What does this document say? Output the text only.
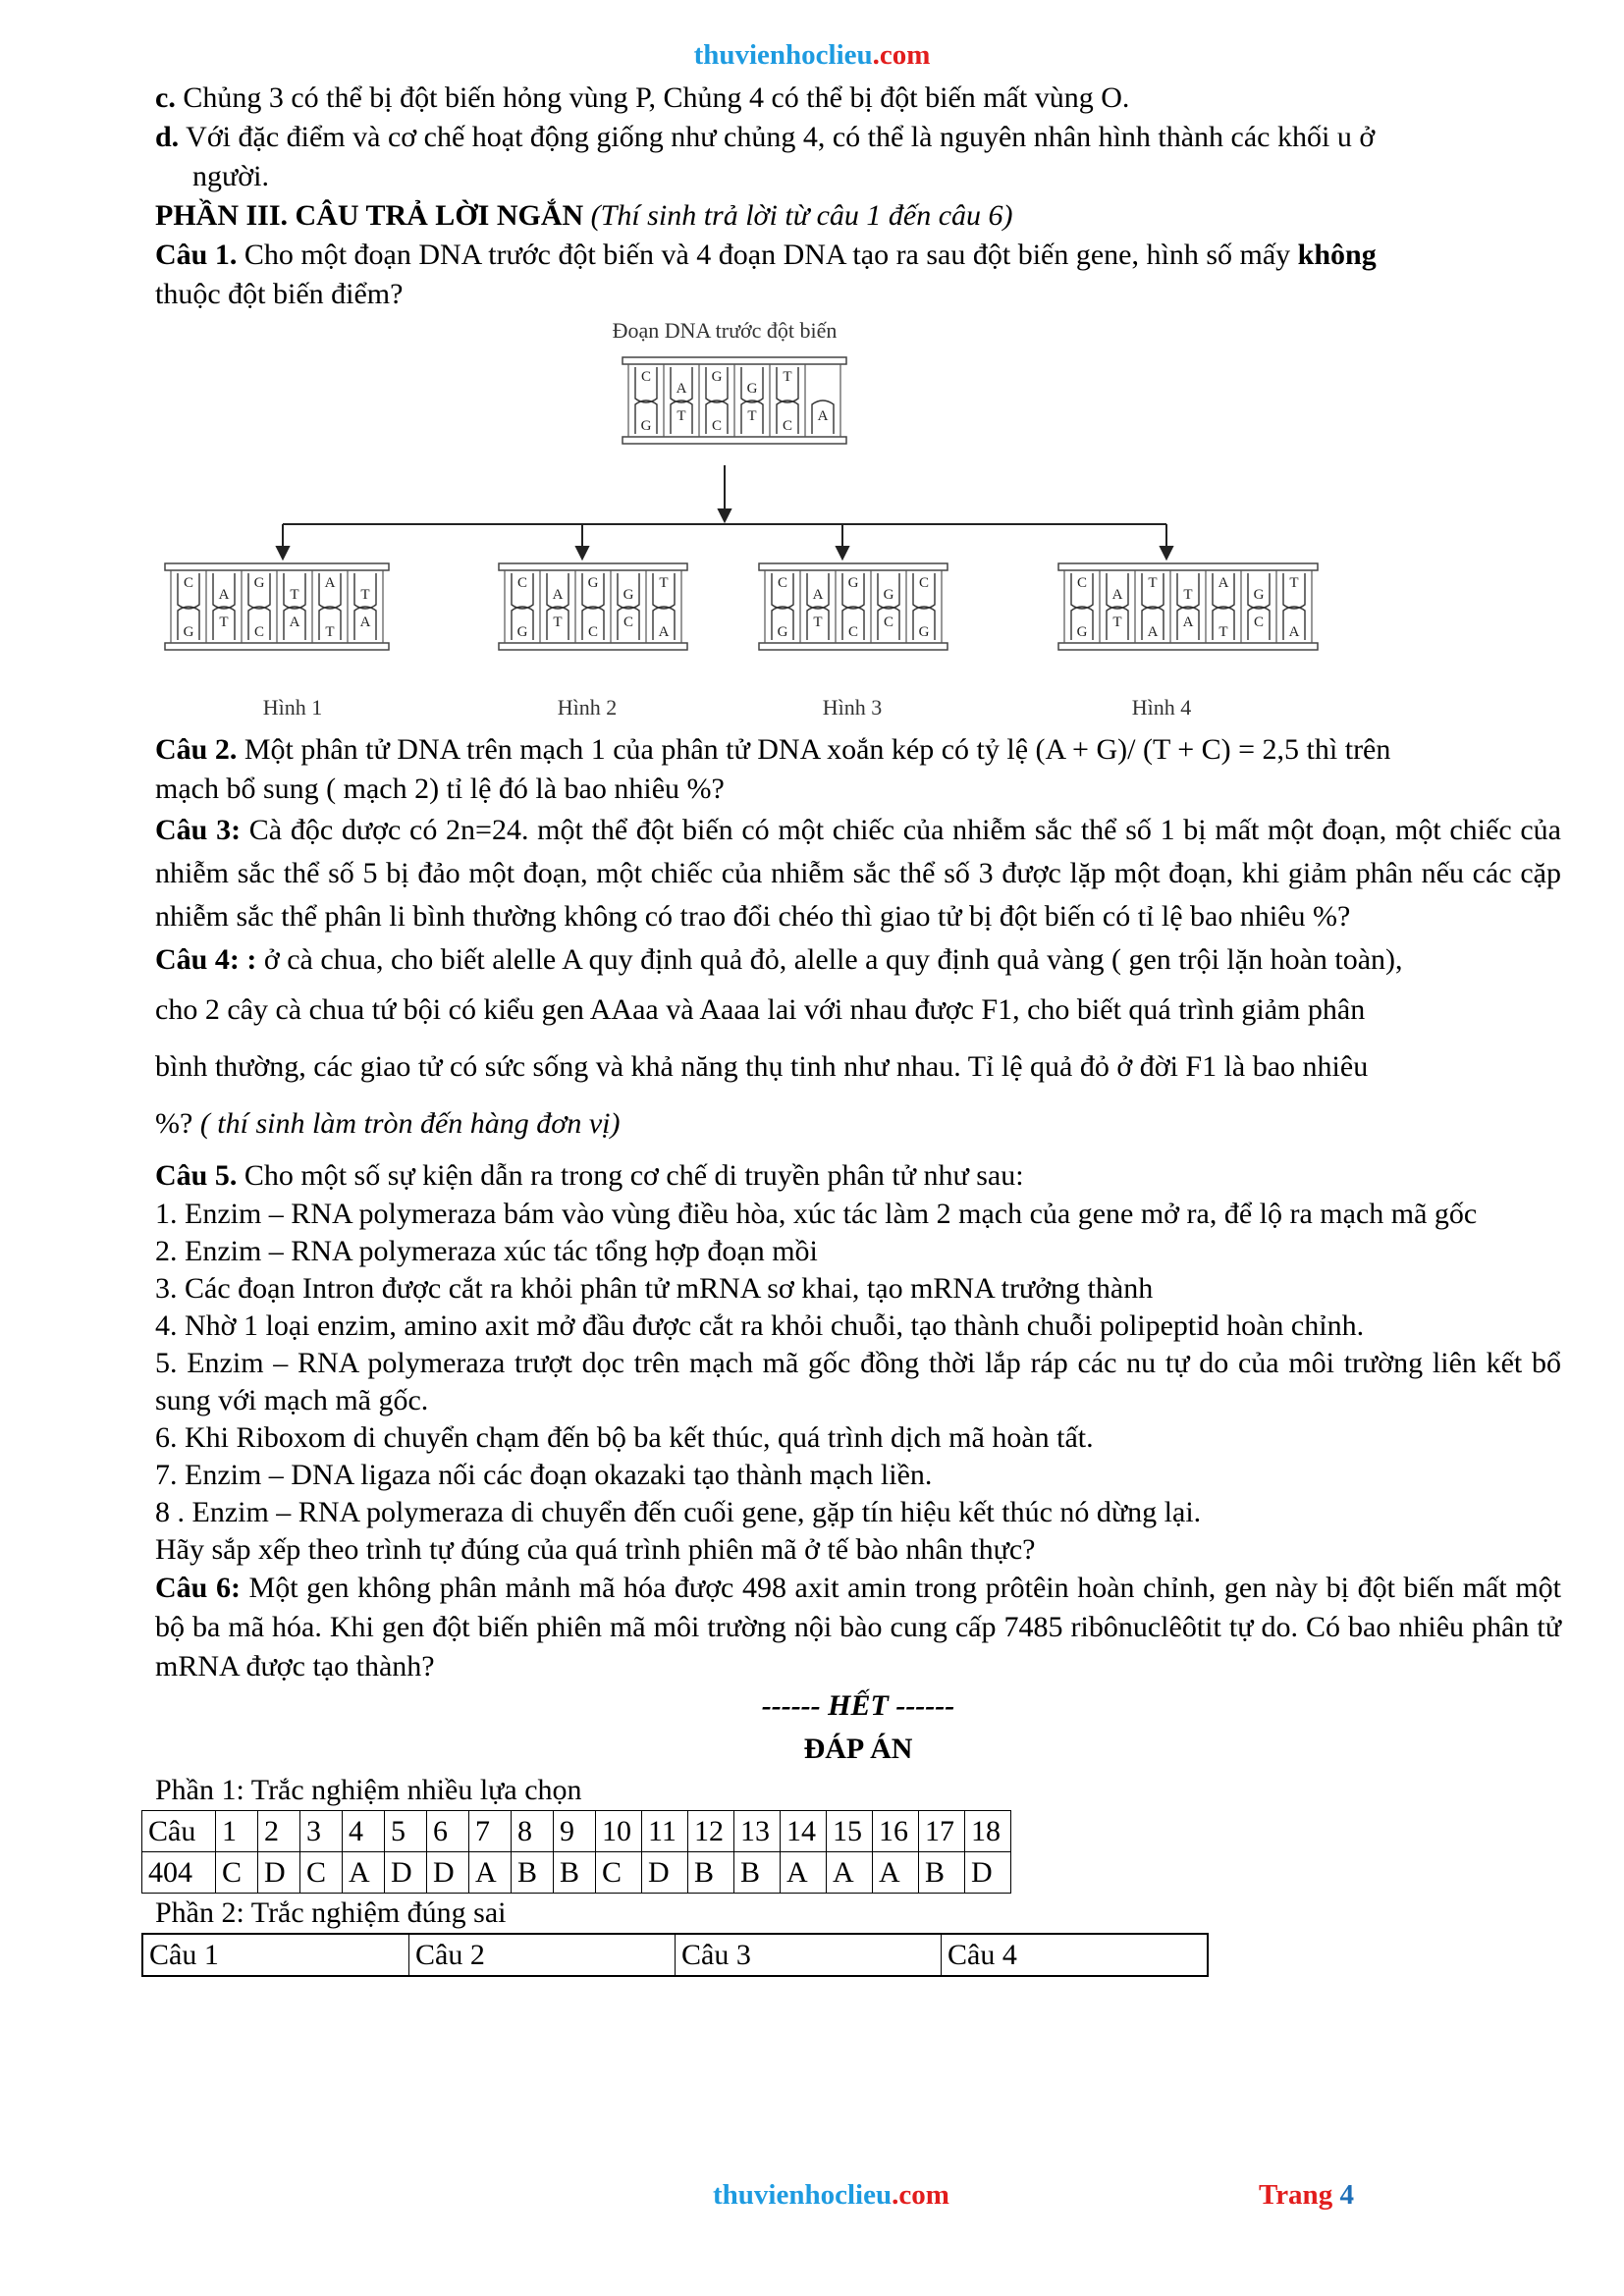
thuvienhoclieu.com

c. Chủng 3 có thể bị đột biến hỏng vùng P, Chủng 4 có thể bị đột biến mất vùng O.

d. Với đặc điểm và cơ chế hoạt động giống như chủng 4, có thể là nguyên nhân hình thành các khối u ở

người.

PHẦN III. CÂU TRẢ LỜI NGẮN (Thí sinh trả lời từ câu 1 đến câu 6)

Câu 1. Cho một đoạn DNA trước đột biến và 4 đoạn DNA tạo ra sau đột biến gene, hình số mấy không

thuộc đột biến điểm?

Đoạn DNA trước đột biến
C
A
G
G
T
G
T
C
T
C
A
C
A
G
T
A
T
G
T
C
A
T
A
C
A
G
G
T
G
T
C
C
A
C
A
G
G
C
G
T
C
C
G
C
A
T
T
A
G
T
G
T
A
A
T
C
A
Hình 1	Hình 2	Hình 3	Hình 4

Câu 2. Một phân tử DNA trên mạch 1 của phân tử DNA xoắn kép có tỷ lệ (A + G)/ (T + C) = 2,5 thì trên

mạch bổ sung ( mạch 2) tỉ lệ đó là bao nhiêu %?

Câu 3: Cà độc dược có 2n=24. một thể đột biến có một chiếc của nhiễm sắc thể số 1 bị mất một đoạn, một chiếc của nhiễm sắc thể số 5 bị đảo một đoạn, một chiếc của nhiễm sắc thể số 3 được lặp một đoạn, khi giảm phân nếu các cặp nhiễm sắc thể phân li bình thường không có trao đổi chéo thì giao tử bị đột biến có tỉ lệ bao nhiêu %?

Câu 4: : ở cà chua, cho biết alelle A quy định quả đỏ, alelle a quy định quả vàng ( gen trội lặn hoàn toàn),

cho 2 cây cà chua tứ bội có kiểu gen AAaa và Aaaa lai với nhau được F1, cho biết quá trình giảm phân

bình thường, các giao tử có sức sống và khả năng thụ tinh như nhau. Tỉ lệ quả đỏ ở đời F1 là bao nhiêu

%? ( thí sinh làm tròn đến hàng đơn vị)

Câu 5. Cho một số sự kiện dẫn ra trong cơ chế di truyền phân tử như sau:

1. Enzim – RNA polymeraza bám vào vùng điều hòa, xúc tác làm 2 mạch của gene mở ra, để lộ ra mạch mã gốc

2. Enzim – RNA polymeraza xúc tác tổng hợp đoạn mồi

3. Các đoạn Intron được cắt ra khỏi phân tử mRNA sơ khai, tạo mRNA trưởng thành

4. Nhờ 1 loại enzim, amino axit mở đầu được cắt ra khỏi chuỗi, tạo thành chuỗi polipeptid hoàn chỉnh.

5. Enzim – RNA polymeraza trượt dọc trên mạch mã gốc đồng thời lắp ráp các nu tự do của môi trường liên kết bổ sung với mạch mã gốc.

6. Khi Riboxom di chuyển chạm đến bộ ba kết thúc, quá trình dịch mã hoàn tất.

7. Enzim – DNA ligaza nối các đoạn okazaki tạo thành mạch liền.

8 . Enzim – RNA polymeraza di chuyển đến cuối gene, gặp tín hiệu kết thúc nó dừng lại.

Hãy sắp xếp theo trình tự đúng của quá trình phiên mã ở tế bào nhân thực?

Câu 6: Một gen không phân mảnh mã hóa được 498 axit amin trong prôtêin hoàn chỉnh, gen này bị đột biến mất một bộ ba mã hóa. Khi gen đột biến phiên mã môi trường nội bào cung cấp 7485 ribônuclêôtit tự do. Có bao nhiêu phân tử mRNA được tạo thành?

------ HẾT ------

ĐÁP ÁN

Phần 1: Trắc nghiệm nhiều lựa chọn

Câu	1	2	3	4	5	6	7	8	9	10	11	12	13	14	15	16	17	18
404	C	D	C	A	D	D	A	B	B	C	D	B	B	A	A	A	B	D

Phần 2: Trắc nghiệm đúng sai

Câu 1	Câu 2	Câu 3	Câu 4
thuvienhoclieu.com	Trang 4
